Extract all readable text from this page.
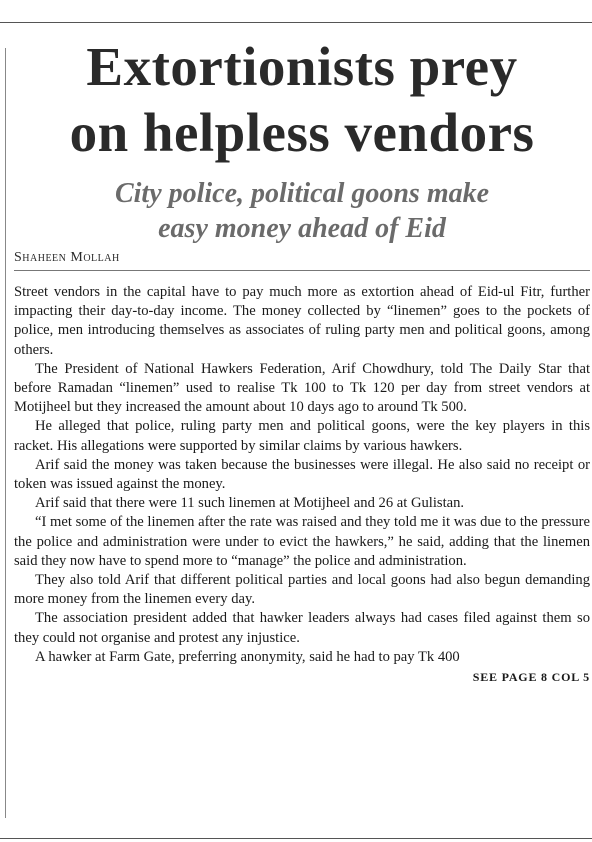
Extortionists prey
on helpless vendors
City police, political goons make
easy money ahead of Eid
Shaheen Mollah

Street vendors in the capital have to pay much more as extortion ahead of Eid-ul Fitr, further impacting their day-to-day income. The money collected by “linemen” goes to the pockets of police, men introducing themselves as associates of ruling party men and political goons, among others.

The President of National Hawkers Federation, Arif Chowdhury, told The Daily Star that before Ramadan “linemen” used to realise Tk 100 to Tk 120 per day from street vendors at Motijheel but they increased the amount about 10 days ago to around Tk 500.

He alleged that police, ruling party men and political goons, were the key players in this racket. His allegations were supported by similar claims by various hawkers.

Arif said the money was taken because the businesses were illegal. He also said no receipt or token was issued against the money.

Arif said that there were 11 such linemen at Motijheel and 26 at Gulistan.

“I met some of the linemen after the rate was raised and they told me it was due to the pressure the police and administration were under to evict the hawkers,” he said, adding that the linemen said they now have to spend more to “manage” the police and administration.

They also told Arif that different political parties and local goons had also begun demanding more money from the linemen every day.

The association president added that hawker leaders always had cases filed against them so they could not organise and protest any injustice.

A hawker at Farm Gate, preferring anonymity, said he had to pay Tk 400

SEE PAGE 8 COL 5
